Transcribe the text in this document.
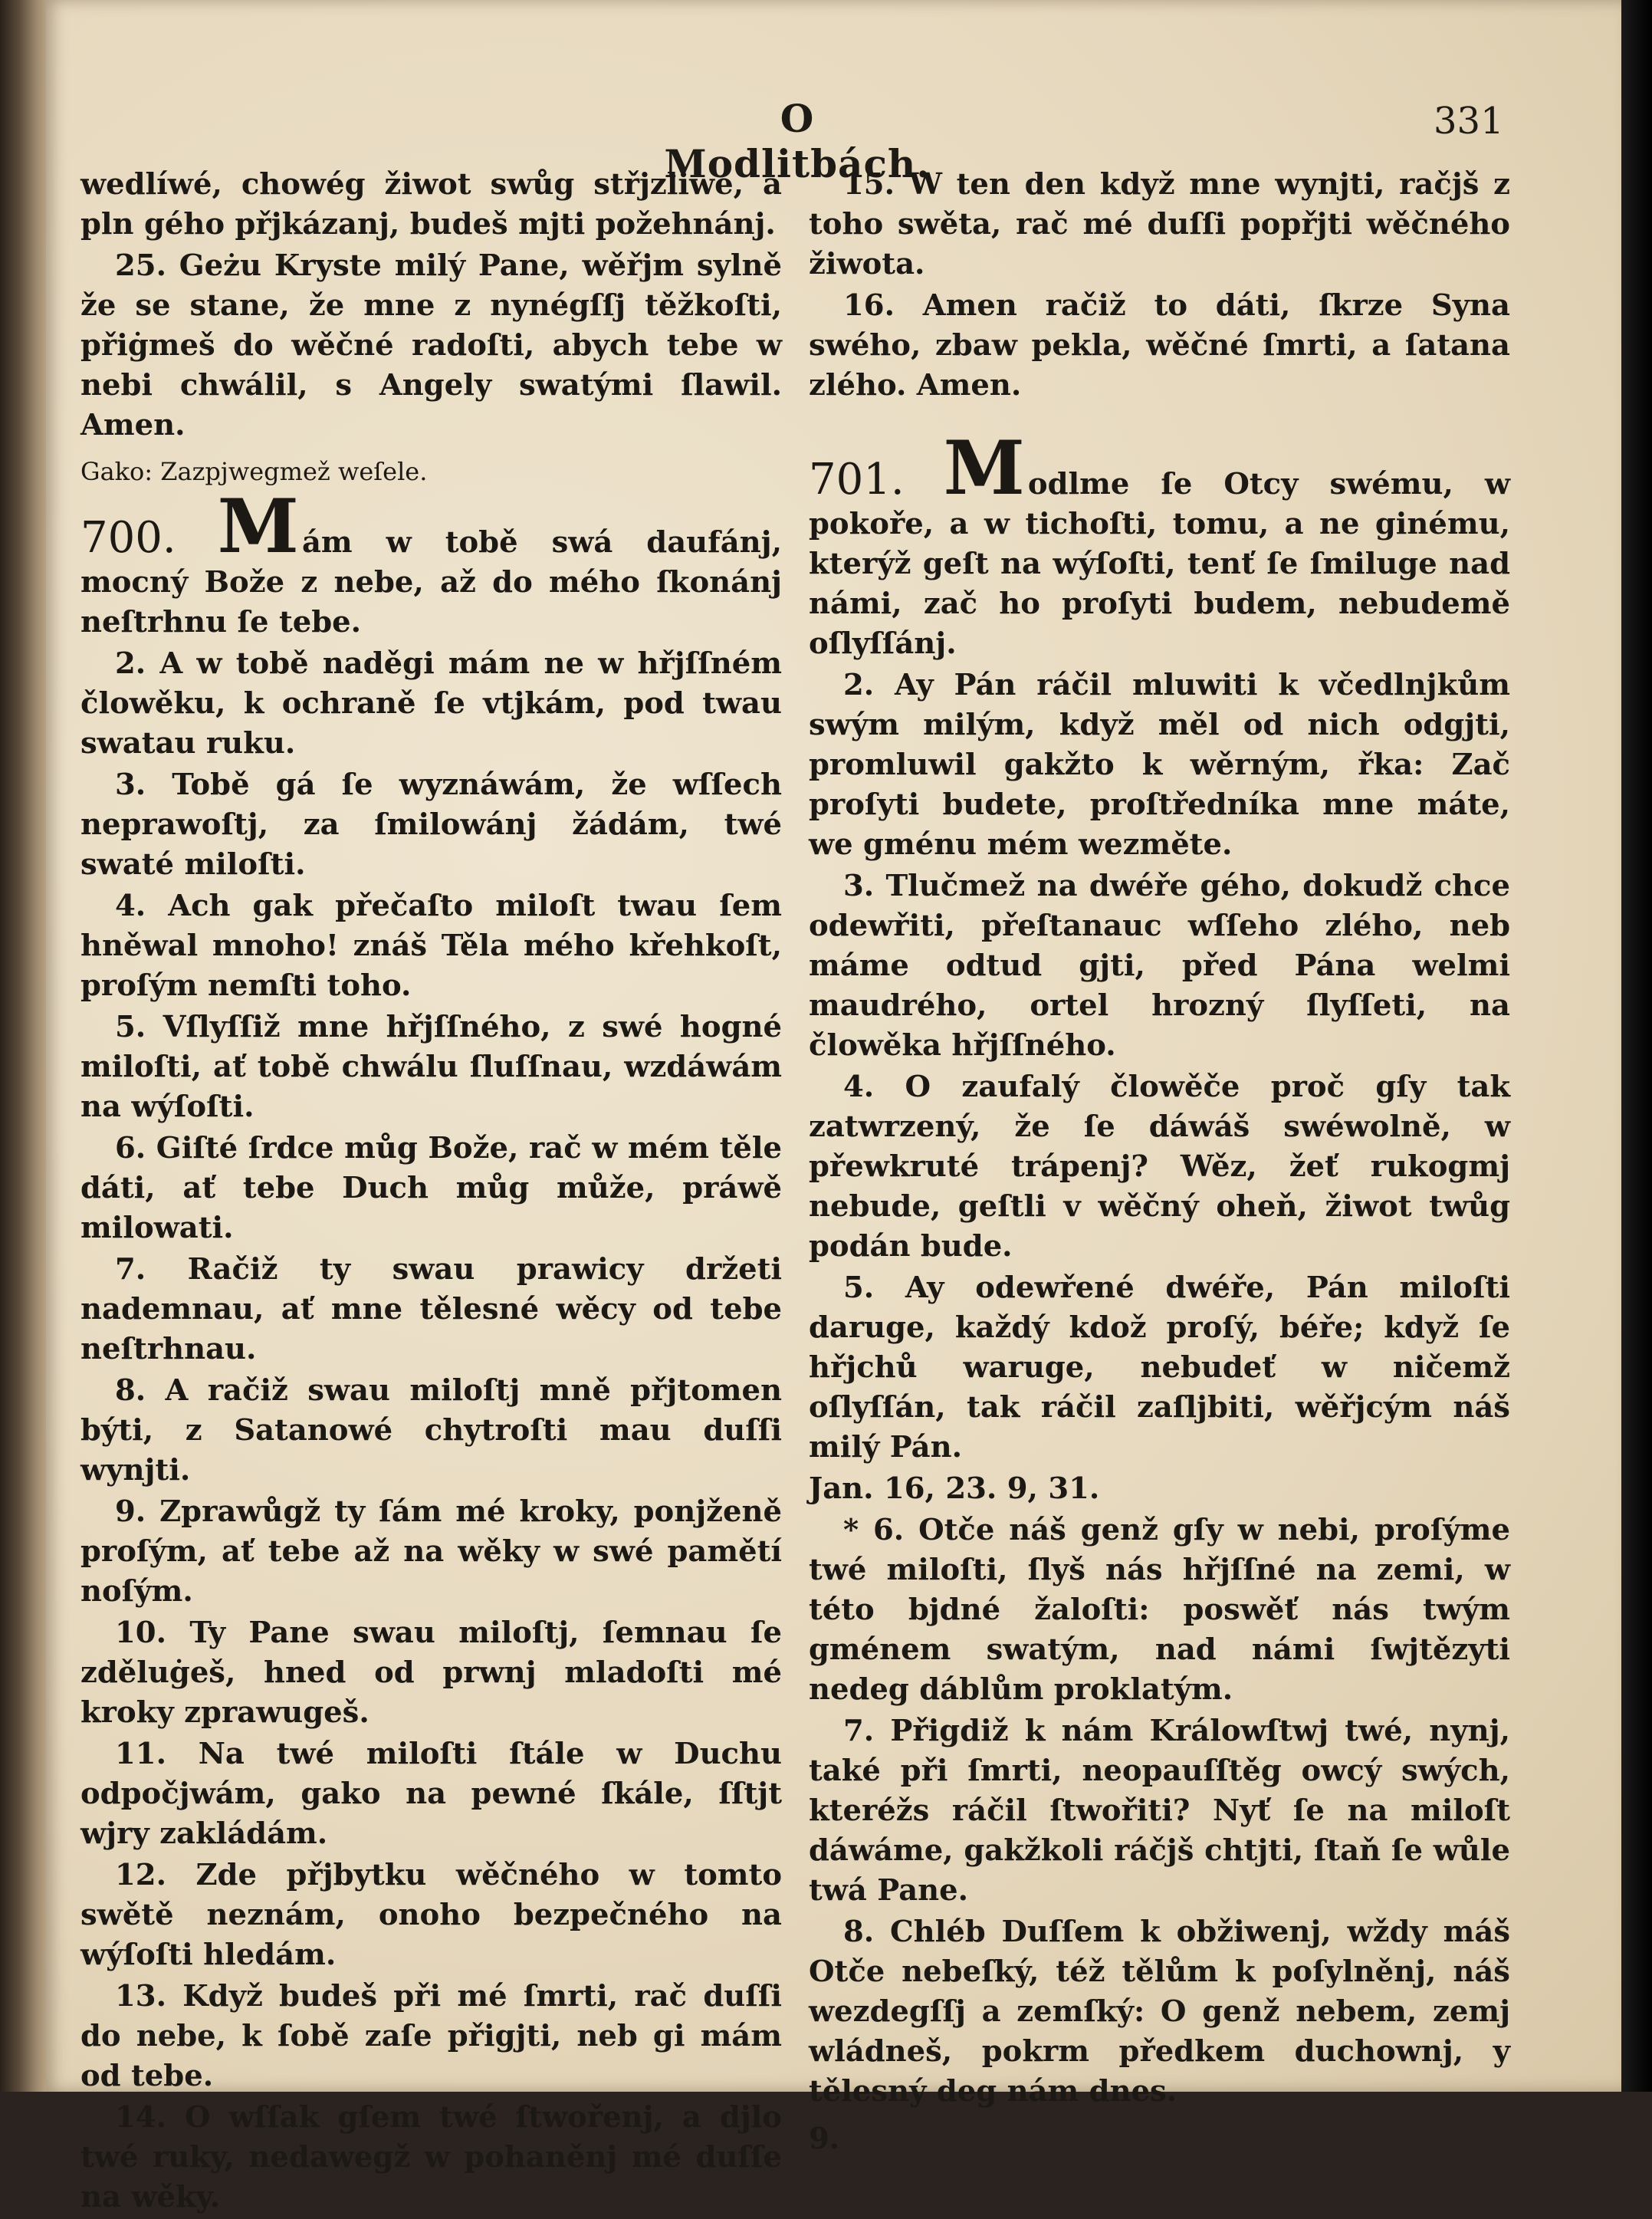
O Modlitbách.
331

wedlíwé, chowég žiwot swůg střjzliwé, a pln gého přjkázanj, budeš mjti požehnánj.

25. Geżu Kryste milý Pane, wěřjm sylně že se stane, že mne z nynégſſj těžkoſti, přiġmeš do wěčné radoſti, abych tebe w nebi chwálil, s Angely swatými ſlawil. Amen.

Gako: Zazpjwegmež weſele.

700. M ám w tobě swá daufánj, mocný Bože z nebe, až do mého ſkonánj neſtrhnu ſe tebe.

2. A w tobě naděgi mám ne w hřjſſném člowěku, k ochraně ſe vtjkám, pod twau swatau ruku.

3. Tobě gá ſe wyznáwám, že wſſech neprawoſtj, za ſmilowánj žádám, twé swaté miloſti.

4. Ach gak přečaſto miloſt twau ſem hněwal mnoho! znáš Těla mého křehkoſt, proſým nemſti toho.

5. Vſlyſſiž mne hřjſſného, z swé hogné miloſti, ať tobě chwálu ſluſſnau, wzdáwám na wýſoſti.

6. Giſté ſrdce můg Bože, rač w mém těle dáti, ať tebe Duch můg může, práwě milowati.

7. Račiž ty swau prawicy držeti nademnau, ať mne tělesné wěcy od tebe neſtrhnau.

8. A račiž swau miloſtj mně přjtomen býti, z Satanowé chytroſti mau duſſi wynjti.

9. Zprawůgž ty ſám mé kroky, ponjženě proſým, ať tebe až na wěky w swé pamětí noſým.

10. Ty Pane swau miloſtj, ſemnau ſe zděluġeš, hned od prwnj mladoſti mé kroky zprawugeš.

11. Na twé miloſti ſtále w Duchu odpočjwám, gako na pewné ſkále, ſſtjt wjry zakládám.

12. Zde přjbytku wěčného w tomto swětě neznám, onoho bezpečného na wýſoſti hledám.

13. Když budeš při mé ſmrti, rač duſſi do nebe, k ſobě zaſe přigjti, neb gi mám od tebe.

14. O wſſak gſem twé ſtwořenj, a djlo twé ruky, nedawegž w pohaněnj mé duſſe na wěky.

15. W ten den když mne wynjti, račjš z toho swěta, rač mé duſſi popřjti wěčného žiwota.

16. Amen račiž to dáti, ſkrze Syna swého, zbaw pekla, wěčné ſmrti, a ſatana zlého. Amen.

701. M odlme ſe Otcy swému, w pokoře, a w tichoſti, tomu, a ne ginému, kterýž geſt na wýſoſti, tenť ſe ſmiluge nad námi, zač ho proſyti budem, nebudemě oſlyſſánj.

2. Ay Pán ráčil mluwiti k včedlnjkům swým milým, když měl od nich odgjti, promluwil gakžto k wěrným, řka: Zač proſyti budete, proſtředníka mne máte, we gménu mém wezměte.

3. Tlučmež na dwéře gého, dokudž chce odewřiti, přeſtanauc wſſeho zlého, neb máme odtud gjti, před Pána welmi maudrého, ortel hrozný ſlyſſeti, na člowěka hřjſſného.

4. O zaufalý člowěče proč gſy tak zatwrzený, že ſe dáwáš swéwolně, w přewkruté trápenj? Wěz, žeť rukogmj nebude, geſtli v wěčný oheň, žiwot twůg podán bude.

5. Ay odewřené dwéře, Pán miloſti daruge, každý kdož proſý, béře; když ſe hřjchů waruge, nebudeť w ničemž oſlyſſán, tak ráčil zaſljbiti, wěřjcým náš milý Pán.

Jan. 16, 23. 9, 31.

* 6. Otče náš genž gſy w nebi, proſýme twé miloſti, ſlyš nás hřjſſné na zemi, w této bjdné žaloſti: poswěť nás twým gménem swatým, nad námi ſwjtězyti nedeg dáblům proklatým.

7. Přigdiž k nám Králowſtwj twé, nynj, také při ſmrti, neopauſſtěg owcý swých, kteréžs ráčil ſtwořiti? Nyť ſe na miloſt dáwáme, gakžkoli ráčjš chtjti, ſtaň ſe wůle twá Pane.

8. Chléb Duſſem k obžiwenj, wždy máš Otče nebeſký, též tělům k poſylněnj, náš wezdegſſj a zemſký: O genž nebem, zemj wládneš, pokrm předkem duchownj, y tělesný deg nám dnes.

9.
